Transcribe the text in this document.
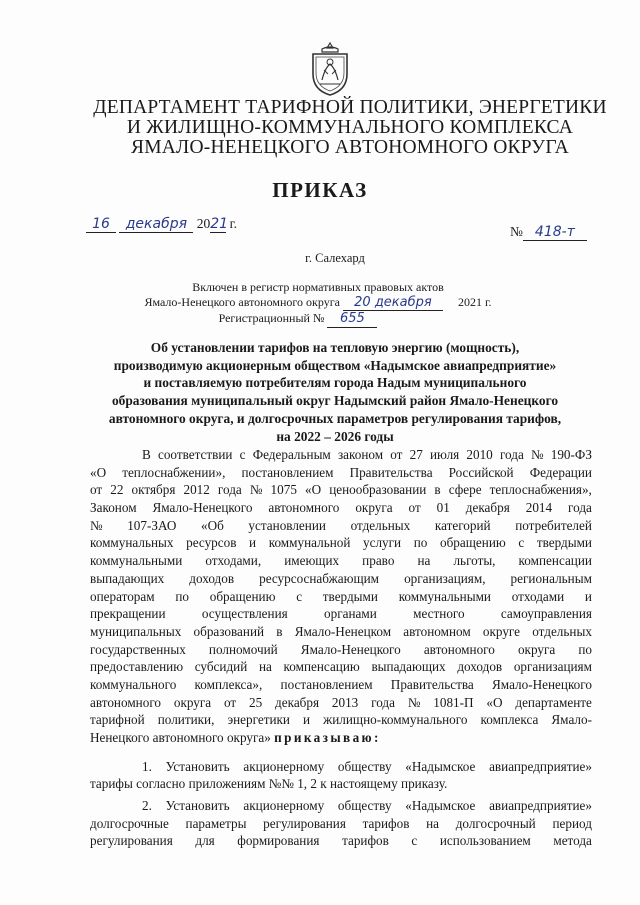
ДЕПАРТАМЕНТ ТАРИФНОЙ ПОЛИТИКИ, ЭНЕРГЕТИКИ
И ЖИЛИЩНО-КОММУНАЛЬНОГО КОМПЛЕКСА
ЯМАЛО-НЕНЕЦКОГО АВТОНОМНОГО ОКРУГА
ПРИКАЗ
16 декабря 2021 г.
№ 418-т
г. Салехард
Включен в регистр нормативных правовых актов
Ямало-Ненецкого автономного округа 20 декабря 2021 г.
Регистрационный № 655
Об установлении тарифов на тепловую энергию (мощность),
производимую акционерным обществом «Надымское авиапредприятие»
и поставляемую потребителям города Надым муниципального
образования муниципальный округ Надымский район Ямало-Ненецкого
автономного округа, и долгосрочных параметров регулирования тарифов,
на 2022 – 2026 годы
В соответствии с Федеральным законом от 27 июля 2010 года № 190-ФЗ
«О теплоснабжении», постановлением Правительства Российской Федерации
от 22 октября 2012 года № 1075 «О ценообразовании в сфере теплоснабжения»,
Законом Ямало-Ненецкого автономного округа от 01 декабря 2014 года
№ 107-ЗАО «Об установлении отдельных категорий потребителей
коммунальных ресурсов и коммунальной услуги по обращению с твердыми
коммунальными отходами, имеющих право на льготы, компенсации
выпадающих доходов ресурсоснабжающим организациям, региональным
операторам по обращению с твердыми коммунальными отходами и
прекращении	осуществления	органами	местного	самоуправления
муниципальных образований в Ямало-Ненецком автономном округе отдельных
государственных полномочий Ямало-Ненецкого автономного округа по
предоставлению субсидий на компенсацию выпадающих доходов организациям
коммунального комплекса», постановлением Правительства Ямало-Ненецкого
автономного округа от 25 декабря 2013 года № 1081-П «О департаменте
тарифной политики, энергетики и жилищно-коммунального комплекса Ямало-
Ненецкого автономного округа»
приказываю:
1. Установить акционерному обществу «Надымское авиапредприятие»
тарифы
согласно
приложениям
№№
1,
2
к
настоящему
приказу.
2. Установить акционерному обществу «Надымское авиапредприятие»
долгосрочные параметры регулирования тарифов на долгосрочный период
регулирования для формирования тарифов с использованием метода
